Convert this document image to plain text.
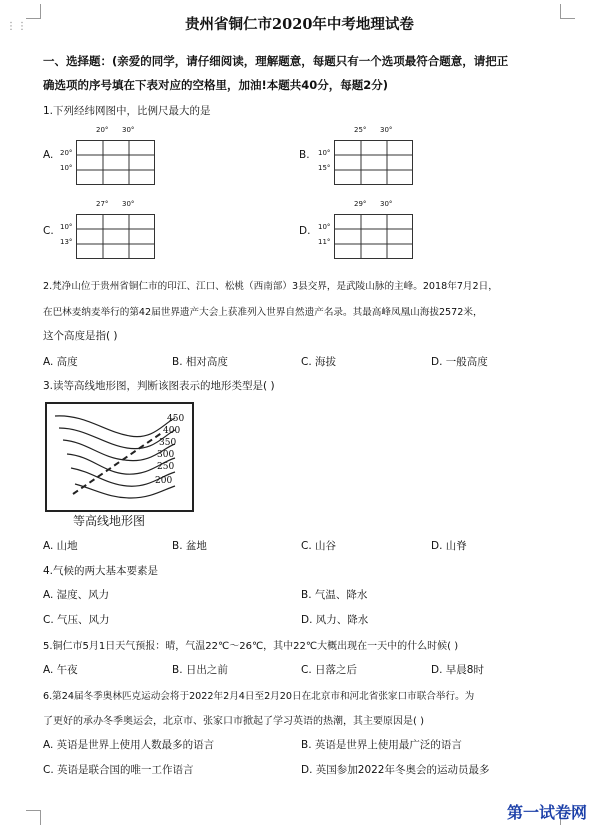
⋮⋮	贵州省铜仁市2020年中考地理试卷
一、选择题：(亲爱的同学，请仔细阅读，理解题意，每题只有一个选项最符合题意，请把正
确选项的序号填在下表对应的空格里，加油!本题共40分，每题2分)
1.下列经纬网图中，比例尺最大的是
A.
20° 30°
20°
10°
B.
25° 30°
10°
15°
C.
27° 30°
10°
13°
D.
29° 30°
10°
11°
2.梵净山位于贵州省铜仁市的印江、江口、松桃（西南部）3县交界，是武陵山脉的主峰。2018年7月2日，
在巴林麦纳麦举行的第42届世界遗产大会上获准列入世界自然遗产名录。其最高峰凤凰山海拔2572米，
这个高度是指( )
A. 高度	B. 相对高度	C. 海拔	D. 一般高度
3.读等高线地形图，判断该图表示的地形类型是( )
450
400
350
300
250
200
等高线地形图
A. 山地	B. 盆地	C. 山谷	D. 山脊
4.气候的两大基本要素是
A. 湿度、风力	B. 气温、降水
C. 气压、风力	D. 风力、降水
5.铜仁市5月1日天气预报：晴，气温22℃～26℃，其中22℃大概出现在一天中的什么时候( )
A. 午夜	B. 日出之前	C. 日落之后	D. 早晨8时
6.第24届冬季奥林匹克运动会将于2022年2月4日至2月20日在北京市和河北省张家口市联合举行。为
了更好的承办冬季奥运会，北京市、张家口市掀起了学习英语的热潮，其主要原因是( )
A. 英语是世界上使用人数最多的语言	B. 英语是世界上使用最广泛的语言
C. 英语是联合国的唯一工作语言	D. 英国参加2022年冬奥会的运动员最多
第一试卷网
